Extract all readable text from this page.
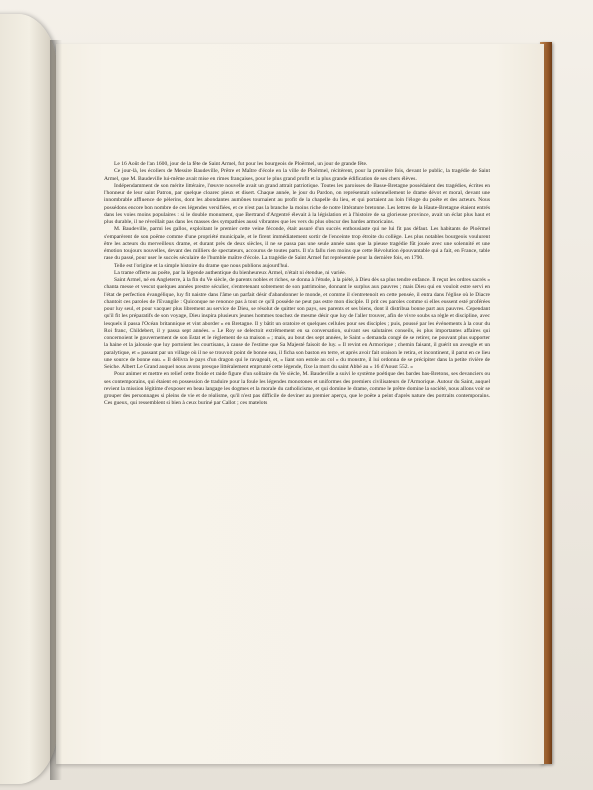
Le 16 Août de l'an 1600, jour de la fête de Saint Armel, fut pour les bourgeois de Ploërmel, un jour de grande fête.

Ce jour-là, les écoliers de Messire Baudeville, Prêtre et Maître d'école en la ville de Ploërmel, récitèrent, pour la première fois, devant le public, la tragédie de Saint Armel, que M. Baudeville lui-même avait mise en rimes françaises, pour le plus grand profit et la plus grande édification de ses chers élèves.

Indépendamment de son mérite littéraire, l'œuvre nouvelle avait un grand attrait patriotique. Toutes les paroisses de Basse-Bretagne possédaient des tragédies, écrites en l'honneur de leur saint Patron, par quelque cloarec pieux et disert. Chaque année, le jour du Pardon, on représentait solennellement le drame dévot et moral, devant une innombrable affluence de pèlerins, dont les abondantes aumônes tournaient au profit de la chapelle du lieu, et qui portaient au loin l'éloge du poëte et des acteurs. Nous possédons encore bon nombre de ces légendes versifiées, et ce n'est pas la branche la moins riche de notre littérature bretonne. Les lettres de la Haute-Bretagne étaient entrés dans les voies moins populaires : si le double monument, que Bertrand d'Argentré élevait à la législation et à l'histoire de sa glorieuse province, avait un éclat plus haut et plus durable, il ne réveillait pas dans les masses des sympathies aussi vibrantes que les vers du plus obscur des bardes armoricains.

M. Baudeville, parmi les gallos, exploitant le premier cette veine féconde, était assuré d'un succès enthousiaste qui ne lui fit pas défaut. Les habitants de Ploërmel s'emparèrent de son poëme comme d'une propriété municipale, et le firent immédiatement sortir de l'enceinte trop étroite du collège. Les plus notables bourgeois voulurent être les acteurs du merveilleux drame, et durant près de deux siècles, il ne se passa pas une seule année sans que la pieuse tragédie fût jouée avec une solennité et une émotion toujours nouvelles, devant des milliers de spectateurs, accourus de toutes parts. Il n'a fallu rien moins que cette Révolution épouvantable qui a fait, en France, table rase du passé, pour user le succès séculaire de l'humble maître d'école. La tragédie de Saint Armel fut représentée pour la dernière fois, en 1790.

Telle est l'origine et la simple histoire du drame que nous publions aujourd'hui.

La trame offerte au poëte, par la légende authentique du bienheureux Armel, n'était ni étendue, ni variée.

Saint Armel, né en Angleterre, à la fin du Ve siècle, de parents nobles et riches, se donna à l'étude, à la piété, à Dieu dès sa plus tendre enfance. Il reçut les ordres sacrés « chanta messe et vescut quelques années prestre séculier, s'entretenant sobrement de son patrimoine, donnant le surplus aux pauvres ; mais Dieu qui en vouloit estre servi en l'état de perfection évangélique, luy fit naistre dans l'âme un parfait désir d'abandonner le monde, et comme il s'entretenoit en cette pensée, il entra dans l'église où le Diacre chantoit ces paroles de l'Evangile : Quiconque ne renonce pas à tout ce qu'il possède ne peut pas estre mon disciple. Il prit ces paroles comme si elles eussent esté proférées pour luy seul, et pour vacquer plus librement au service de Dieu, se résolut de quitter son pays, ses parents et ses biens, dont il distribua bonne part aux pauvres. Cependant qu'il fit les préparatifs de son voyage, Dieu inspira plusieurs jeunes hommes touchez de mesme désir que luy de l'aller trouver, afin de vivre soubs sa règle et discipline, avec lesquels il passa l'Océan britannique et vint aborder » en Bretagne. Il y bâtit un oratoire et quelques cellules pour ses disciples ; puis, poussé par les événements à la cour du Roi franc, Childebert, il y passa sept années. « Le Roy se delectoit extrêmement en sa conversation, suivant ses salutaires conseils, ès plus importantes affaires qui concernoient le gouvernement de son Estat et le règlement de sa maison » ; mais, au bout des sept années, le Saint « demanda congé de se retirer, ne pouvant plus supporter la haine et la jalousie que luy portoient les courtisans, à cause de l'estime que Sa Majesté faisoit de luy. » Il revint en Armorique ; chemin faisant, il guérit un aveugle et un paralytique, et « passant par un village où il ne se trouvoit point de bonne eau, il ficha son baston en terre, et après avoir fait oraison le retira, et incontinent, il parut en ce lieu une source de bonne eau. » Il délivra le pays d'un dragon qui le ravageait, et, « liant son estole au col » du monstre, il lui ordonna de se précipiter dans la petite rivière de Seiche. Albert Le Grand auquel nous avons presque littéralement emprunté cette légende, fixe la mort du saint Abbé au « 16 d'Aoust 552. »

Pour animer et mettre en relief cette froide et raide figure d'un solitaire du Ve siècle, M. Baudeville a suivi le système poétique des bardes bas-Bretons, ses devanciers ou ses contemporains, qui étaient en possession de traduire pour la foule les légendes monotones et uniformes des premiers civilisateurs de l'Armorique. Autour du Saint, auquel revient la mission légitime d'exposer en beau langage les dogmes et la morale du catholicisme, et qui domine le drame, comme le prêtre domine la société, nous allons voir se grouper des personnages si pleins de vie et de réalisme, qu'il n'est pas difficile de deviner au premier aperçu, que le poëte a peint d'après nature des portraits contemporains. Ces gueux, qui ressemblent si bien à ceux buriné par Callot ; ces matelots
